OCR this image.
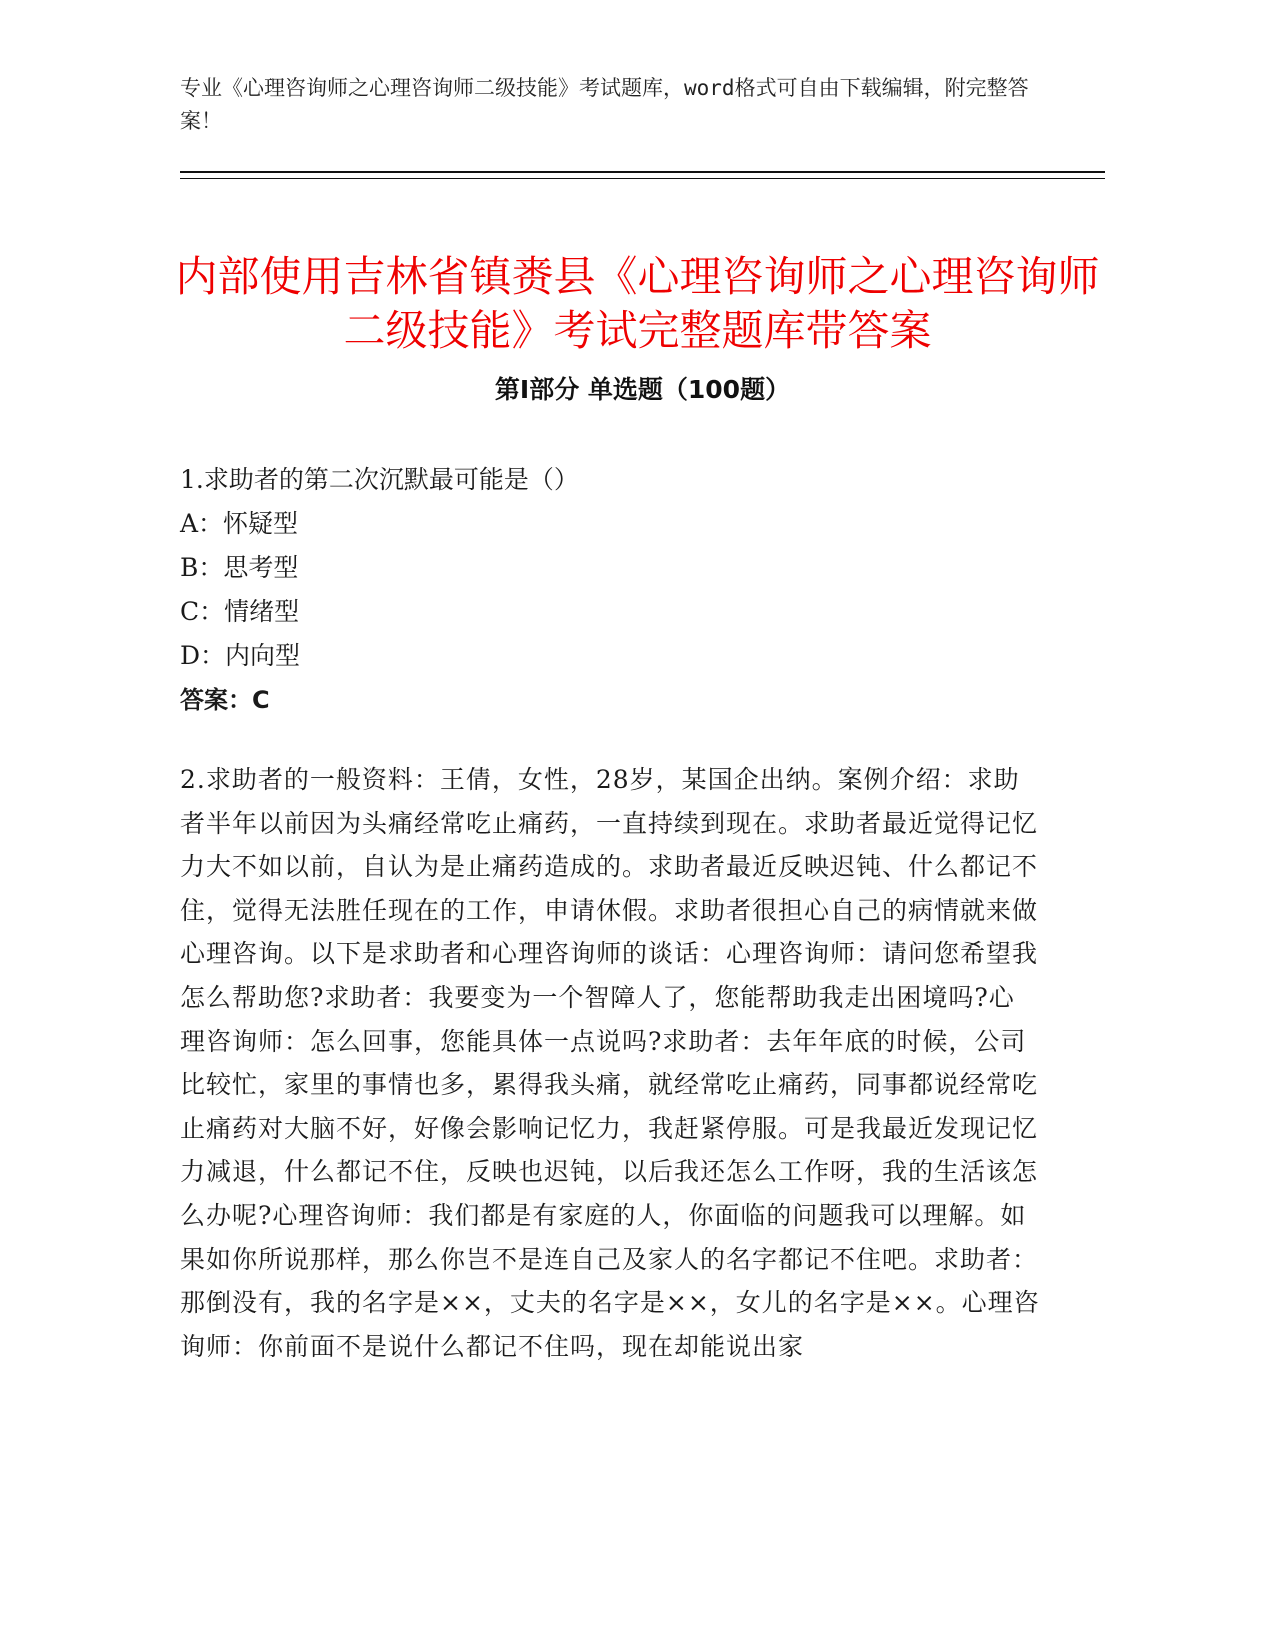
专业《心理咨询师之心理咨询师二级技能》考试题库，word格式可自由下载编辑，附完整答案！
内部使用吉林省镇赉县《心理咨询师之心理咨询师二级技能》考试完整题库带答案
第Ⅰ部分 单选题（100题）
1.求助者的第二次沉默最可能是（）
A：怀疑型
B：思考型
C：情绪型
D：内向型
答案：C
2.求助者的一般资料：王倩，女性，28岁，某国企出纳。案例介绍：求助者半年以前因为头痛经常吃止痛药，一直持续到现在。求助者最近觉得记忆力大不如以前，自认为是止痛药造成的。求助者最近反映迟钝、什么都记不住，觉得无法胜任现在的工作，申请休假。求助者很担心自己的病情就来做心理咨询。以下是求助者和心理咨询师的谈话：心理咨询师：请问您希望我怎么帮助您?求助者：我要变为一个智障人了，您能帮助我走出困境吗?心理咨询师：怎么回事，您能具体一点说吗?求助者：去年年底的时候，公司比较忙，家里的事情也多，累得我头痛，就经常吃止痛药，同事都说经常吃止痛药对大脑不好，好像会影响记忆力，我赶紧停服。可是我最近发现记忆力减退，什么都记不住，反映也迟钝，以后我还怎么工作呀，我的生活该怎么办呢?心理咨询师：我们都是有家庭的人，你面临的问题我可以理解。如果如你所说那样，那么你岂不是连自己及家人的名字都记不住吧。求助者：那倒没有，我的名字是××，丈夫的名字是××，女儿的名字是××。心理咨询师：你前面不是说什么都记不住吗，现在却能说出家
